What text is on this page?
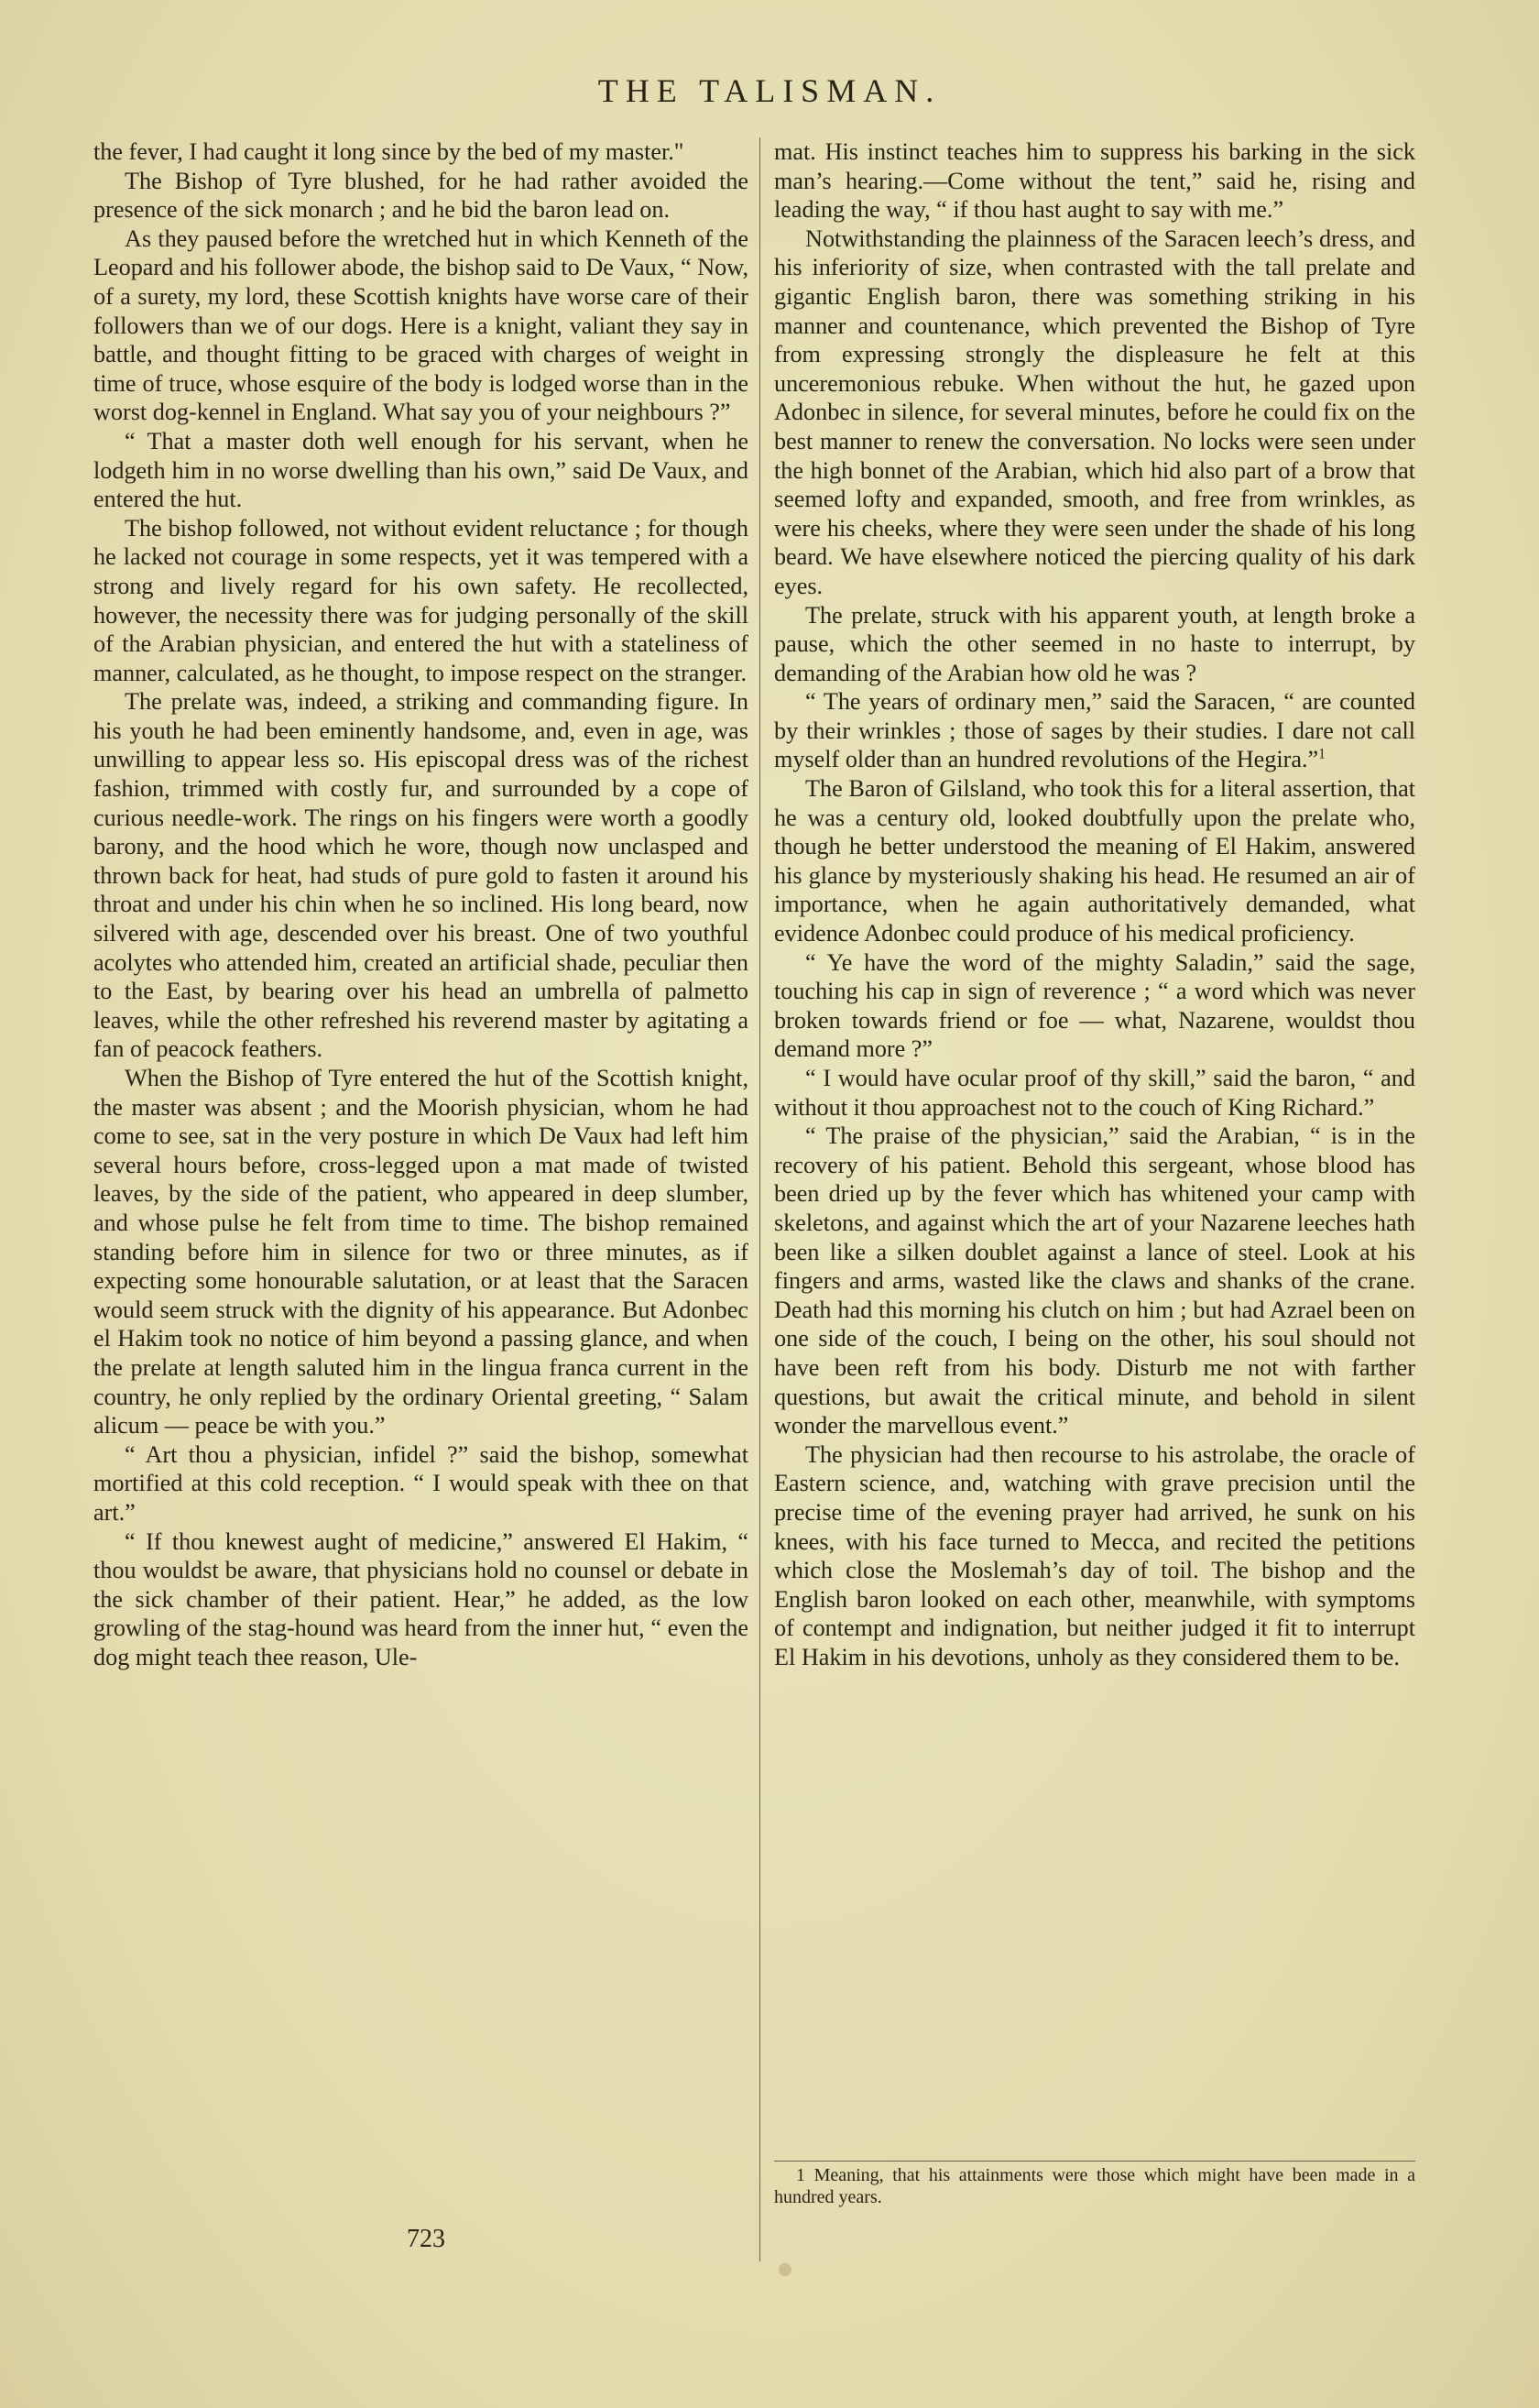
THE TALISMAN.

the fever, I had caught it long since by the bed of my master."

The Bishop of Tyre blushed, for he had rather avoided the presence of the sick monarch ; and he bid the baron lead on.

As they paused before the wretched hut in which Kenneth of the Leopard and his follower abode, the bishop said to De Vaux, “ Now, of a surety, my lord, these Scottish knights have worse care of their followers than we of our dogs. Here is a knight, valiant they say in battle, and thought fitting to be graced with charges of weight in time of truce, whose esquire of the body is lodged worse than in the worst dog-kennel in England. What say you of your neighbours ?”

“ That a master doth well enough for his servant, when he lodgeth him in no worse dwelling than his own,” said De Vaux, and entered the hut.

The bishop followed, not without evident reluctance ; for though he lacked not courage in some respects, yet it was tempered with a strong and lively regard for his own safety. He recollected, however, the necessity there was for judging personally of the skill of the Arabian physician, and entered the hut with a stateliness of manner, calculated, as he thought, to impose respect on the stranger.

The prelate was, indeed, a striking and commanding figure. In his youth he had been eminently handsome, and, even in age, was unwilling to appear less so. His episcopal dress was of the richest fashion, trimmed with costly fur, and surrounded by a cope of curious needle-work. The rings on his fingers were worth a goodly barony, and the hood which he wore, though now unclasped and thrown back for heat, had studs of pure gold to fasten it around his throat and under his chin when he so inclined. His long beard, now silvered with age, descended over his breast. One of two youthful acolytes who attended him, created an artificial shade, peculiar then to the East, by bearing over his head an umbrella of palmetto leaves, while the other refreshed his reverend master by agitating a fan of peacock feathers.

When the Bishop of Tyre entered the hut of the Scottish knight, the master was absent ; and the Moorish physician, whom he had come to see, sat in the very posture in which De Vaux had left him several hours before, cross-legged upon a mat made of twisted leaves, by the side of the patient, who appeared in deep slumber, and whose pulse he felt from time to time. The bishop remained standing before him in silence for two or three minutes, as if expecting some honourable salutation, or at least that the Saracen would seem struck with the dignity of his appearance. But Adonbec el Hakim took no notice of him beyond a passing glance, and when the prelate at length saluted him in the lingua franca current in the country, he only replied by the ordinary Oriental greeting, “ Salam alicum — peace be with you.”

“ Art thou a physician, infidel ?” said the bishop, somewhat mortified at this cold reception. “ I would speak with thee on that art.”

“ If thou knewest aught of medicine,” answered El Hakim, “ thou wouldst be aware, that physicians hold no counsel or debate in the sick chamber of their patient. Hear,” he added, as the low growling of the stag-hound was heard from the inner hut, “ even the dog might teach thee reason, Ule-

mat. His instinct teaches him to suppress his barking in the sick man’s hearing.—Come without the tent,” said he, rising and leading the way, “ if thou hast aught to say with me.”

Notwithstanding the plainness of the Saracen leech’s dress, and his inferiority of size, when contrasted with the tall prelate and gigantic English baron, there was something striking in his manner and countenance, which prevented the Bishop of Tyre from expressing strongly the displeasure he felt at this unceremonious rebuke. When without the hut, he gazed upon Adonbec in silence, for several minutes, before he could fix on the best manner to renew the conversation. No locks were seen under the high bonnet of the Arabian, which hid also part of a brow that seemed lofty and expanded, smooth, and free from wrinkles, as were his cheeks, where they were seen under the shade of his long beard. We have elsewhere noticed the piercing quality of his dark eyes.

The prelate, struck with his apparent youth, at length broke a pause, which the other seemed in no haste to interrupt, by demanding of the Arabian how old he was ?

“ The years of ordinary men,” said the Saracen, “ are counted by their wrinkles ; those of sages by their studies. I dare not call myself older than an hundred revolutions of the Hegira.”$^1$

The Baron of Gilsland, who took this for a literal assertion, that he was a century old, looked doubtfully upon the prelate who, though he better understood the meaning of El Hakim, answered his glance by mysteriously shaking his head. He resumed an air of importance, when he again authoritatively demanded, what evidence Adonbec could produce of his medical proficiency.

“ Ye have the word of the mighty Saladin,” said the sage, touching his cap in sign of reverence ; “ a word which was never broken towards friend or foe — what, Nazarene, wouldst thou demand more ?”

“ I would have ocular proof of thy skill,” said the baron, “ and without it thou approachest not to the couch of King Richard.”

“ The praise of the physician,” said the Arabian, “ is in the recovery of his patient. Behold this sergeant, whose blood has been dried up by the fever which has whitened your camp with skeletons, and against which the art of your Nazarene leeches hath been like a silken doublet against a lance of steel. Look at his fingers and arms, wasted like the claws and shanks of the crane. Death had this morning his clutch on him ; but had Azrael been on one side of the couch, I being on the other, his soul should not have been reft from his body. Disturb me not with farther questions, but await the critical minute, and behold in silent wonder the marvellous event.”

The physician had then recourse to his astrolabe, the oracle of Eastern science, and, watching with grave precision until the precise time of the evening prayer had arrived, he sunk on his knees, with his face turned to Mecca, and recited the petitions which close the Moslemah’s day of toil. The bishop and the English baron looked on each other, meanwhile, with symptoms of contempt and indignation, but neither judged it fit to interrupt El Hakim in his devotions, unholy as they considered them to be.

1 Meaning, that his attainments were those which might have been made in a hundred years.
723
